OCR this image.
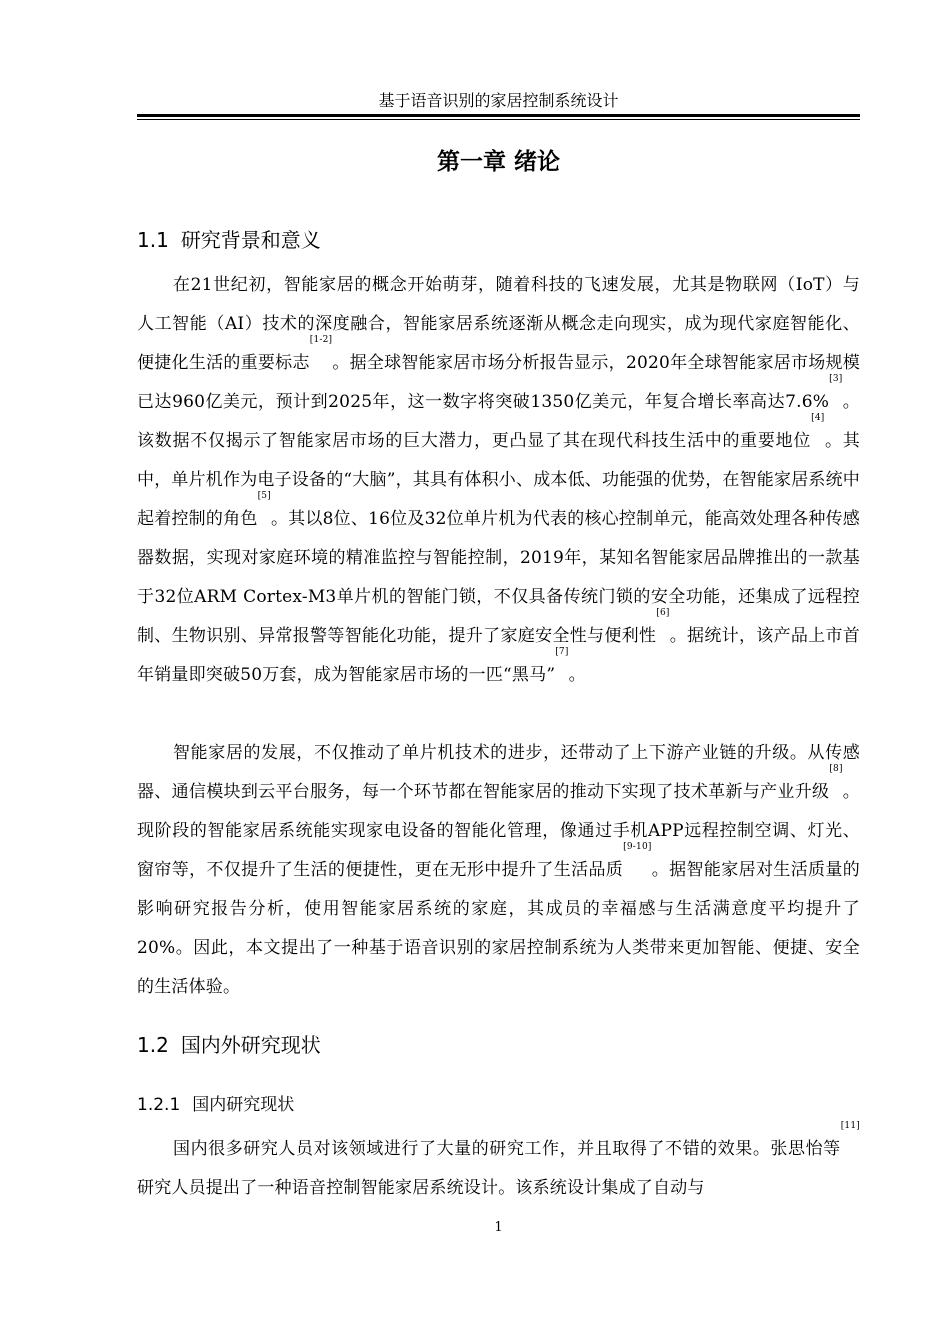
基于语音识别的家居控制系统设计
第一章 绪论
1.1 研究背景和意义

在21世纪初，智能家居的概念开始萌芽，随着科技的飞速发展，尤其是物联网（IoT）与人工智能（AI）技术的深度融合，智能家居系统逐渐从概念走向现实，成为现代家庭智能化、便捷化生活的重要标志[1-2]。据全球智能家居市场分析报告显示，2020年全球智能家居市场规模已达960亿美元，预计到2025年，这一数字将突破1350亿美元，年复合增长率高达7.6%[3]。该数据不仅揭示了智能家居市场的巨大潜力，更凸显了其在现代科技生活中的重要地位[4]。其中，单片机作为电子设备的“大脑”，其具有体积小、成本低、功能强的优势，在智能家居系统中起着控制的角色[5]。其以8位、16位及32位单片机为代表的核心控制单元，能高效处理各种传感器数据，实现对家庭环境的精准监控与智能控制，2019年，某知名智能家居品牌推出的一款基于32位ARM Cortex-M3单片机的智能门锁，不仅具备传统门锁的安全功能，还集成了远程控制、生物识别、异常报警等智能化功能，提升了家庭安全性与便利性[6]。据统计，该产品上市首年销量即突破50万套，成为智能家居市场的一匹“黑马”[7]。

智能家居的发展，不仅推动了单片机技术的进步，还带动了上下游产业链的升级。从传感器、通信模块到云平台服务，每一个环节都在智能家居的推动下实现了技术革新与产业升级[8]。现阶段的智能家居系统能实现家电设备的智能化管理，像通过手机APP远程控制空调、灯光、窗帘等，不仅提升了生活的便捷性，更在无形中提升了生活品质[9-10]。据智能家居对生活质量的影响研究报告分析，使用智能家居系统的家庭，其成员的幸福感与生活满意度平均提升了20%。因此，本文提出了一种基于语音识别的家居控制系统为人类带来更加智能、便捷、安全的生活体验。

1.2 国内外研究现状
1.2.1 国内研究现状

国内很多研究人员对该领域进行了大量的研究工作，并且取得了不错的效果。张思怡等[11]研究人员提出了一种语音控制智能家居系统设计。该系统设计集成了自动与

1
